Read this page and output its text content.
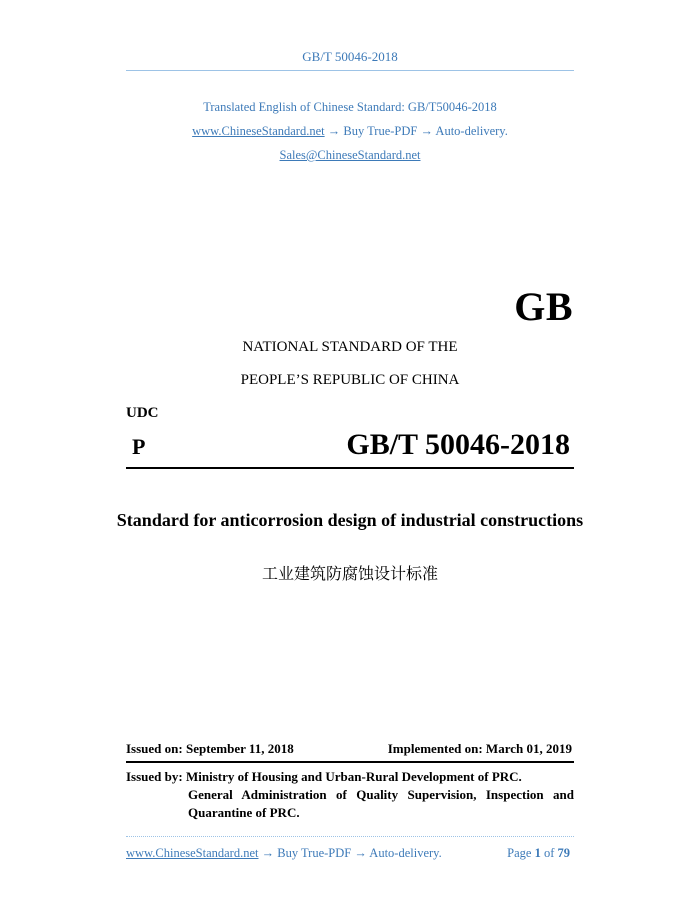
GB/T 50046-2018
Translated English of Chinese Standard: GB/T50046-2018
www.ChineseStandard.net → Buy True-PDF → Auto-delivery.
Sales@ChineseStandard.net
GB
NATIONAL STANDARD OF THE
PEOPLE’S REPUBLIC OF CHINA
UDC
P	GB/T 50046-2018
Standard for anticorrosion design of industrial constructions
工业建筑防腐蚀设计标准
Issued on: September 11, 2018	Implemented on: March 01, 2019
Issued by: Ministry of Housing and Urban-Rural Development of PRC.
General Administration of Quality Supervision, Inspection and
Quarantine of PRC.
www.ChineseStandard.net → Buy True-PDF → Auto-delivery.	Page 1 of 79
